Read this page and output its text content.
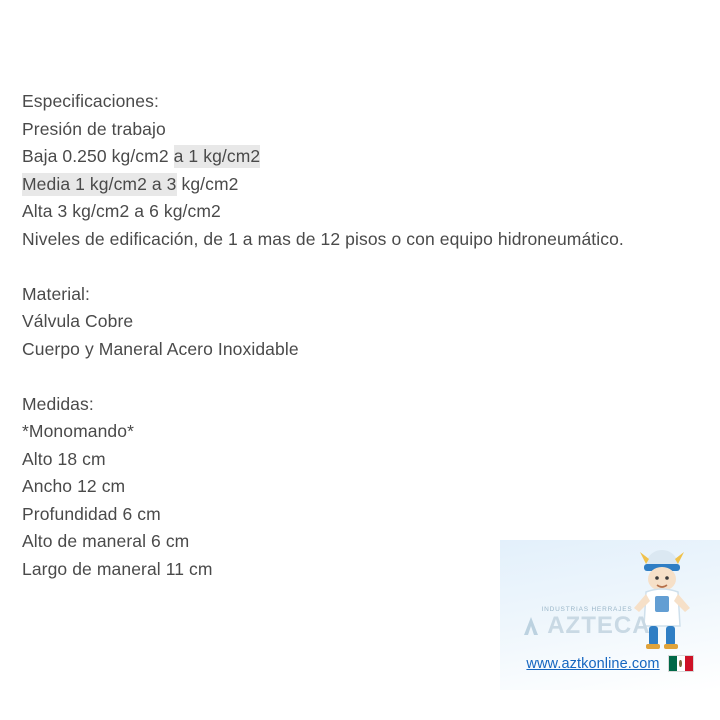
Especificaciones:
Presión de trabajo
Baja 0.250 kg/cm2 a 1 kg/cm2
Media 1 kg/cm2 a 3 kg/cm2
Alta 3 kg/cm2 a 6 kg/cm2
Niveles de edificación, de 1 a mas de 12 pisos o con equipo hidroneumático.
Material:
Válvula Cobre
Cuerpo y Maneral Acero Inoxidable
Medidas:
*Monomando*
Alto 18 cm
Ancho 12 cm
Profundidad 6 cm
Alto de maneral 6 cm
Largo de maneral 11 cm
INDUSTRIAS HERRAJES
AZTECA
www.aztkonline.com
